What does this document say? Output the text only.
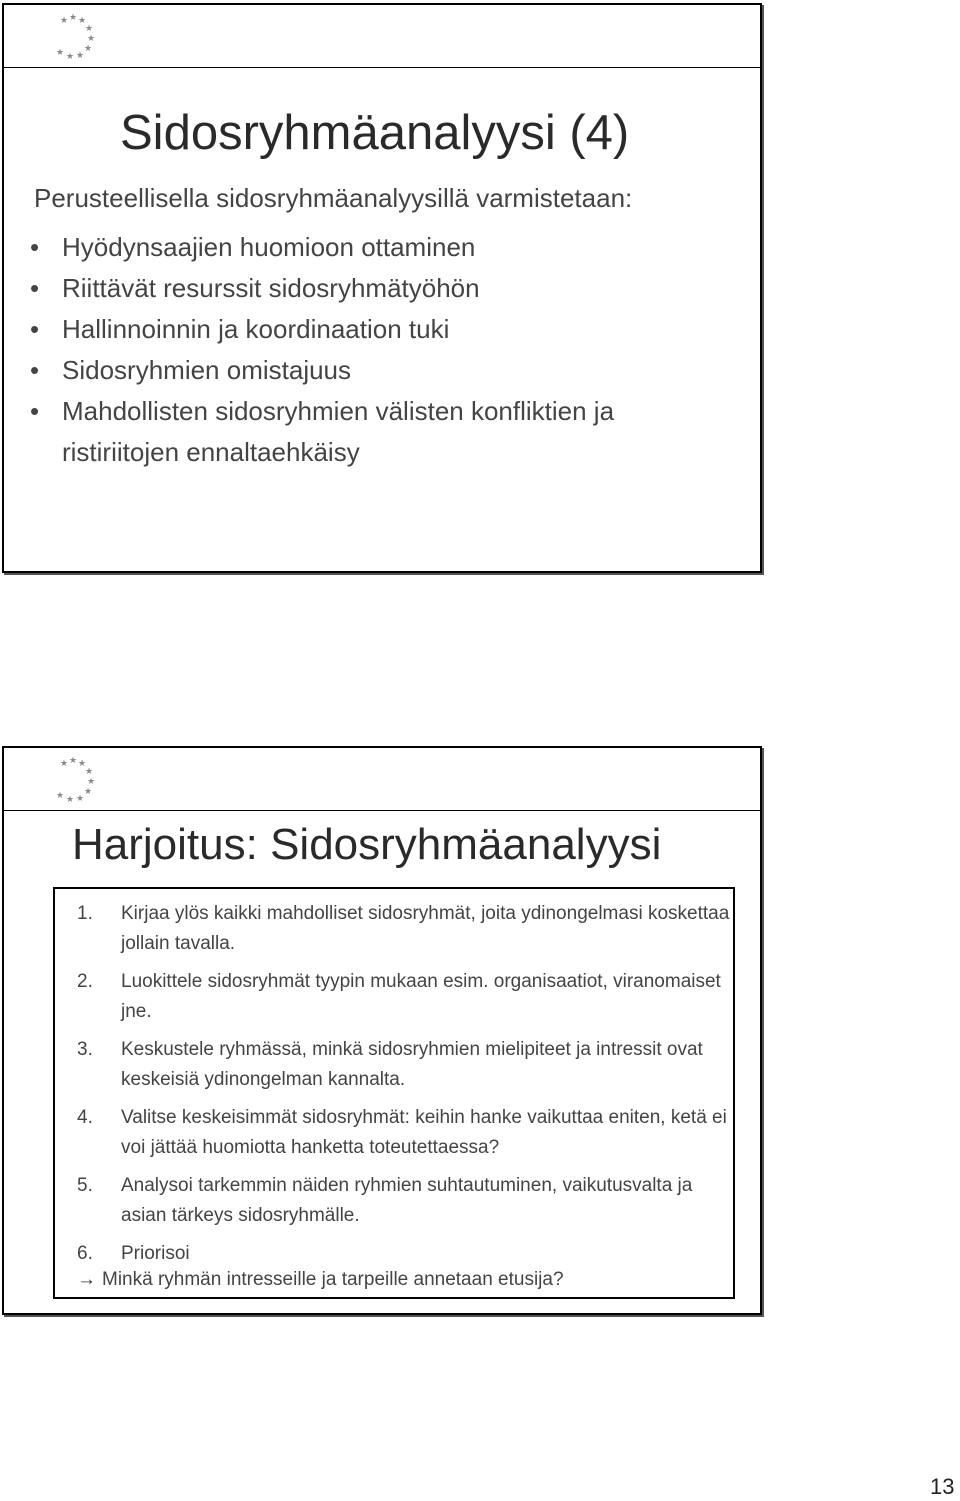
★ ★ ★
★
★
★
★
★
★
Sidosryhmäanalyysi (4)
Perusteellisella sidosryhmäanalyysillä varmistetaan:
• Hyödynsaajien huomioon ottaminen
• Riittävät resurssit sidosryhmätyöhön
• Hallinnoinnin ja koordinaation tuki
• Sidosryhmien omistajuus
• Mahdollisten sidosryhmien välisten konfliktien ja ristiriitojen ennaltaehkäisy
★ ★ ★
★
★
★
★
★
★
Harjoitus: Sidosryhmäanalyysi
1. Kirjaa ylös kaikki mahdolliset sidosryhmät, joita ydinongelmasi koskettaa jollain tavalla.
2. Luokittele sidosryhmät tyypin mukaan esim. organisaatiot, viranomaiset jne.
3. Keskustele ryhmässä, minkä sidosryhmien mielipiteet ja intressit ovat keskeisiä ydinongelman kannalta.
4. Valitse keskeisimmät sidosryhmät: keihin hanke vaikuttaa eniten, ketä ei voi jättää huomiotta hanketta toteutettaessa?
5. Analysoi tarkemmin näiden ryhmien suhtautuminen, vaikutusvalta ja asian tärkeys sidosryhmälle.
6. Priorisoi
→ Minkä ryhmän intresseille ja tarpeille annetaan etusija?
13
